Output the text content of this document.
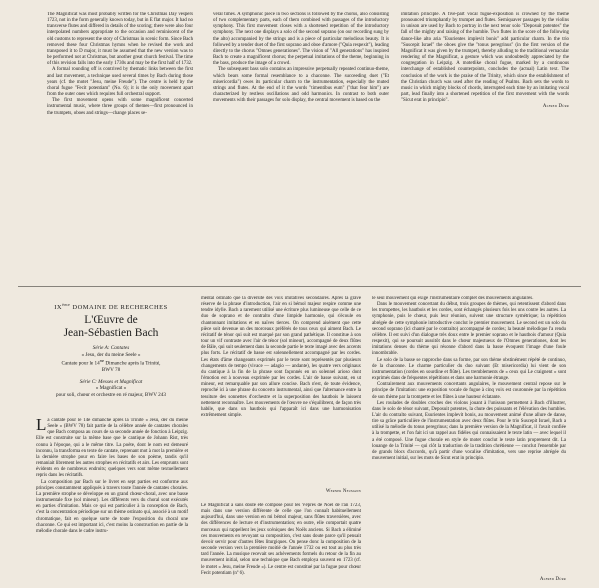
The Magnificat was most probably written for the Christmas Day vespers 1723, not in the form generally known today, but in E flat major. It had no transverse flutes and differed in details of the scoring; there were also four interpolated numbers appropriate to the occasion and reminiscent of the old customs to represent the story of Christmas in scenic form. Since Bach removed these four Christmas hymns when he revised the work and transposed it to D major, it must be assumed that the new version was to be performed not at Christmas, but another great church festival. The time of this revision falls into the early 1730s and may be the first half of 1732.

A formal rounding off is contrived by thematic links between the first and last movement, a technique used several times by Bach during those years (cf. the motet "Jesu, meine Freude"). The centre is held by the choral fugue "Fecit potentiam" (No. 6); it is the only movement apart from the outer ones which requires full orchestral support.

The first movement opens with some magnificent concerted instrumental music, where three groups of themes—first pronounced in the trumpets, oboes and strings—change places se-

veral times. A symphonic piece in two sections is followed by the chorus, also consisting of two complementary parts, each of them combined with passages of the introductory symphony. This first movement closes with a shortened repetition of the introductory symphony. The next one displays a solo of the second soprano (on our recording sung by the alto) accompanied by the strings and is a piece of particular melodious beauty. It is followed by a tender duet of the first soprano and oboe d'amore ("Quia respexit"), leading directly to the chorus "Omnes generationes". The vision of "All generations" has inspired Bach to create a magnificent chorus; the perpetual imitations of the theme, beginning in the bass, produce the image of a crowd.

The subsequent bass solo contains an impressive perpetually repeated continuo-theme, which bears some formal resemblance to a chaconne. The succeeding duet ("Et misericordia") owes its particular charm to the instrumentation, especially the muted strings and flutes. At the end of it the words "timentibus eum" ("that fear him") are characterized by restless oscillations and odd harmonics. In contrast to both outer movements with their passages for solo display, the central movement is based on the

imitation principle. A five-part vocal fugue-exposition is crowned by the theme pronounced triumphantly by trumpet and flutes. Semiquaver passages by the violins in unison are used by Bach to portray in the next tenor solo "Deposuit potentes" the fall of the mighty and raising of the humble. Two flutes in the score of the following dance-like alto aria "Esurientes implevit bonis" add particular charm. In the trio "Suscepit Israel" the oboes give the "tonus peregrinus" (in the first version of the Magnificat it was given by the trumpet), thereby alluding to the traditional vernacular rendering of the Magnificat, a gesture which was undoubtedly appreciated by the congregation in Leipzig. A motetlike choral fugue, marked by a continuous interchange of established counterpoints, concludes the (actual) Latin text. The conclusion of the work is the praise of the Trinity, which since the establishment of the Christian church was used after the reading of Psalms. Bach sets the words to music in which mighty blocks of chords, interrupted each time by an imitating vocal part, lead finally into a shortened repetition of the first movement with the words "Sicut erat in principio".

Alfred Dürr
IXème DOMAINE DE RECHERCHES
L'Œuvre de
Jean-Sébastien Bach
Série A: Cantates
« Jesu, der du meine Seele »
Cantate pour le $14^{me}$ Dimanche après la Trinité,
BWV 78
Série C: Messes et Magnificat
« Magnificat »
pour soli, chœur et orchestre en ré majeur, BWV 243

La cantate pour le 14e dimanche après la Trinité « Jesu, der du meine Seele » (BWV 78) fait partie de la célèbre année de cantates chorales que Bach composa au cours de sa seconde année de fonction à Leipzig. Elle est construite sur la même base que le cantique de Johann Rist, très connu à l'époque, qui a le même titre. La poète, dont le nom est demeuré inconnu, la transforma en texte de cantate, reprenant mot à mot la première et la dernière strophe pour en faire les bases de son poème, tandis qu'il remaniait librement les autres strophes en récitatifs et airs. Les emprunts sont évidents en de nombreux endroits; quelques vers sont même textuellement repris dans les récitatifs.

La composition par Bach sur le livret en sept parties est conforme aux principes constamment appliqués à travers toute l'année de cantates chorales. La première strophe se développe en un grand chœur-choral, avec une basse instrumentale fixe (sol mineur). Les différents vers du choral sont exécutés en parties d'imitation. Mais ce qui est particulier à la conception de Bach, c'est la concentration périodique sur un thème ostinato qui, associé à un motif chromatique, fait en quelque sorte de toute l'exposition du choral une chaconne. Ce qui est important ici, c'est moins la construction en partie de la mélodie chorale dans le cadre instru-

mental ostinato que la diversité des voix imitatives secondaires. Après la grave réserve de la phrase d'introduction, l'air en si bémol majeur respire comme une tendre idylle. Bach a rarement utilisé une écriture plus lumineuse que celle de ce duo de soprano et de contralto d'une limpide harmonie, qui s'écoule en chantonnant imitations et en naïves tierces. On comprend aisément que cette pièce soit devenue un des morceaux préférés de tous ceux qui aiment Bach. Le récitatif de ténor qui suit est marqué par son grand pathétique. Il constitue à son tour un vif contraste avec l'air de ténor (sol mineur), accompagné de deux flûtes de Bâle, qui suit seulement dans la seconde partie le texte imagé avec des accents plus forts. Le récitatif de basse est solennellement accompagné par les cordes. Les états d'âme changeants exprimés par le texte sont représentés par plusieurs changements de tempo (vivace — adagio — andante), les quatre vers originaux du cantique à la fin de la phrase sont façonnés en un solennel arioso dont l'émotion est à nouveau exprimée par les cordes. L'air de basse suivant, en ut mineur, est remarquable par son allure concise. Bach n'est, de toute évidence, reproché ici à une phrase du concerto instrumental, ainsi que l'alternance entre la tessiture des sonnettes d'orchestre et la superposition des hautbois le laissent nettement reconnaître. Les mouvements de l'œuvre ne s'équilibrent, de façon très habile, que dans un hautbois qui l'apparaît ici dans une harmonisation extrêmement simple.

Werner Neumann

Le Magnificat a sans doute été composé pour les Vêpres de Noël de l'an 1723, mais dans une version différente de celle que l'on connaît habituellement aujourd'hui, dans une version en mi bémol majeur, sans flûtes traversières, avec des différences de lecture et d'instrumentation; en outre, elle comportait quatre morceaux qui rappellent les jeux scéniques des Noëls anciens. Si Bach a éliminé ces mouvements en revoyant sa composition, c'est sans doute parce qu'il pensait devoir servir pour d'autres fêtes liturgiques. On pense donc la composition de la seconde version vers la première moitié de l'année 1732 ou est tout au plus très tard l'année. La musique recevait ses achèvements formels du retour de la fin au mouvement initial, selon une technique que Bach employa souvent en 1723 (cf. le motet « Jesu, meine Freude »). Le centre est constitué par la fugue pour chœur Fecit potentiam (nº 6).

le seul mouvement qui exige l'instrumentaire complet des mouvements angulaires.

Dans le mouvement concertant du début, trois groupes de thèmes, qui retentissent d'abord dans les trompettes, les hautbois et les cordes, sont échangés plusieurs fois les uns contre les autres. La symphonie, puis le chœur, puis leur réunion, suivent une structure symétrique; la répétition abrégée de cette symphonie introductive conclut le premier mouvement. Le second est un solo du second soprano (ici chanté par le contralto) accompagné de cordes; la beauté mélodique l'a rendu célèbre. Il est suivi d'un dialogue très doux entre le premier soprano et le hautbois d'amour (Quia respexit), qui se poursuit aussitôt dans le chœur majestueux de l'Omnes generationes, dont les imitations denses du thème qui résonne d'abord dans la basse évoquent l'image d'une foule innombrable.

Le solo de la basse se rapproche dans sa forme, par son thème obstinément répété de continuo, de la chaconne. Le charme particulier du duo suivant (Et misericordia) lui vient de son instrumentation (cordes en sourdine et flûte). Les tremblements de « ceux qui Le craignent » sont exprimés dans de fréquentes répétitions et dans une harmonie étrange.

Contrairement aux mouvements concertants angulaires, le mouvement central repose sur le principe de l'imitation: une exposition vocale de fugue à cinq voix est couronnée par la répétition de son thème par la trompette et les flûtes à une hauteur éclatante.

Les roulades de doubles croches des violons jouant à l'unisson permettent à Bach d'illustrer, dans le solo de ténor suivant, Deposuit potentes, la chute des puissants et l'élévation des humbles. L'air du contralto suivant, Esurientes implevit bonis, au mouvement animé d'une allure de danse, tire sa grâce particulière de l'instrumentation avec deux flûtes. Pour le trio Suscepit Israel, Bach a utilisé la mélodie du tonus peregrinus; dans la première version de la Magnificat, il l'avait confiée à la trompette, et l'on fait ici un rappel aux fidèles qui connaissaient le texte latin — avec lequel il a été composé. Une fugue chorale en style de motet conclut le texte latin proprement dit. La louange de la Trinité — qui clôt la traduction de la tradition chrétienne — conclut l'ensemble par de grands blocs d'accords, qu'à partir d'une vocalise d'imitation, vers une reprise abrégée du mouvement initial, sur les mots de Sicut erat in principio.

Alfred Dürr
